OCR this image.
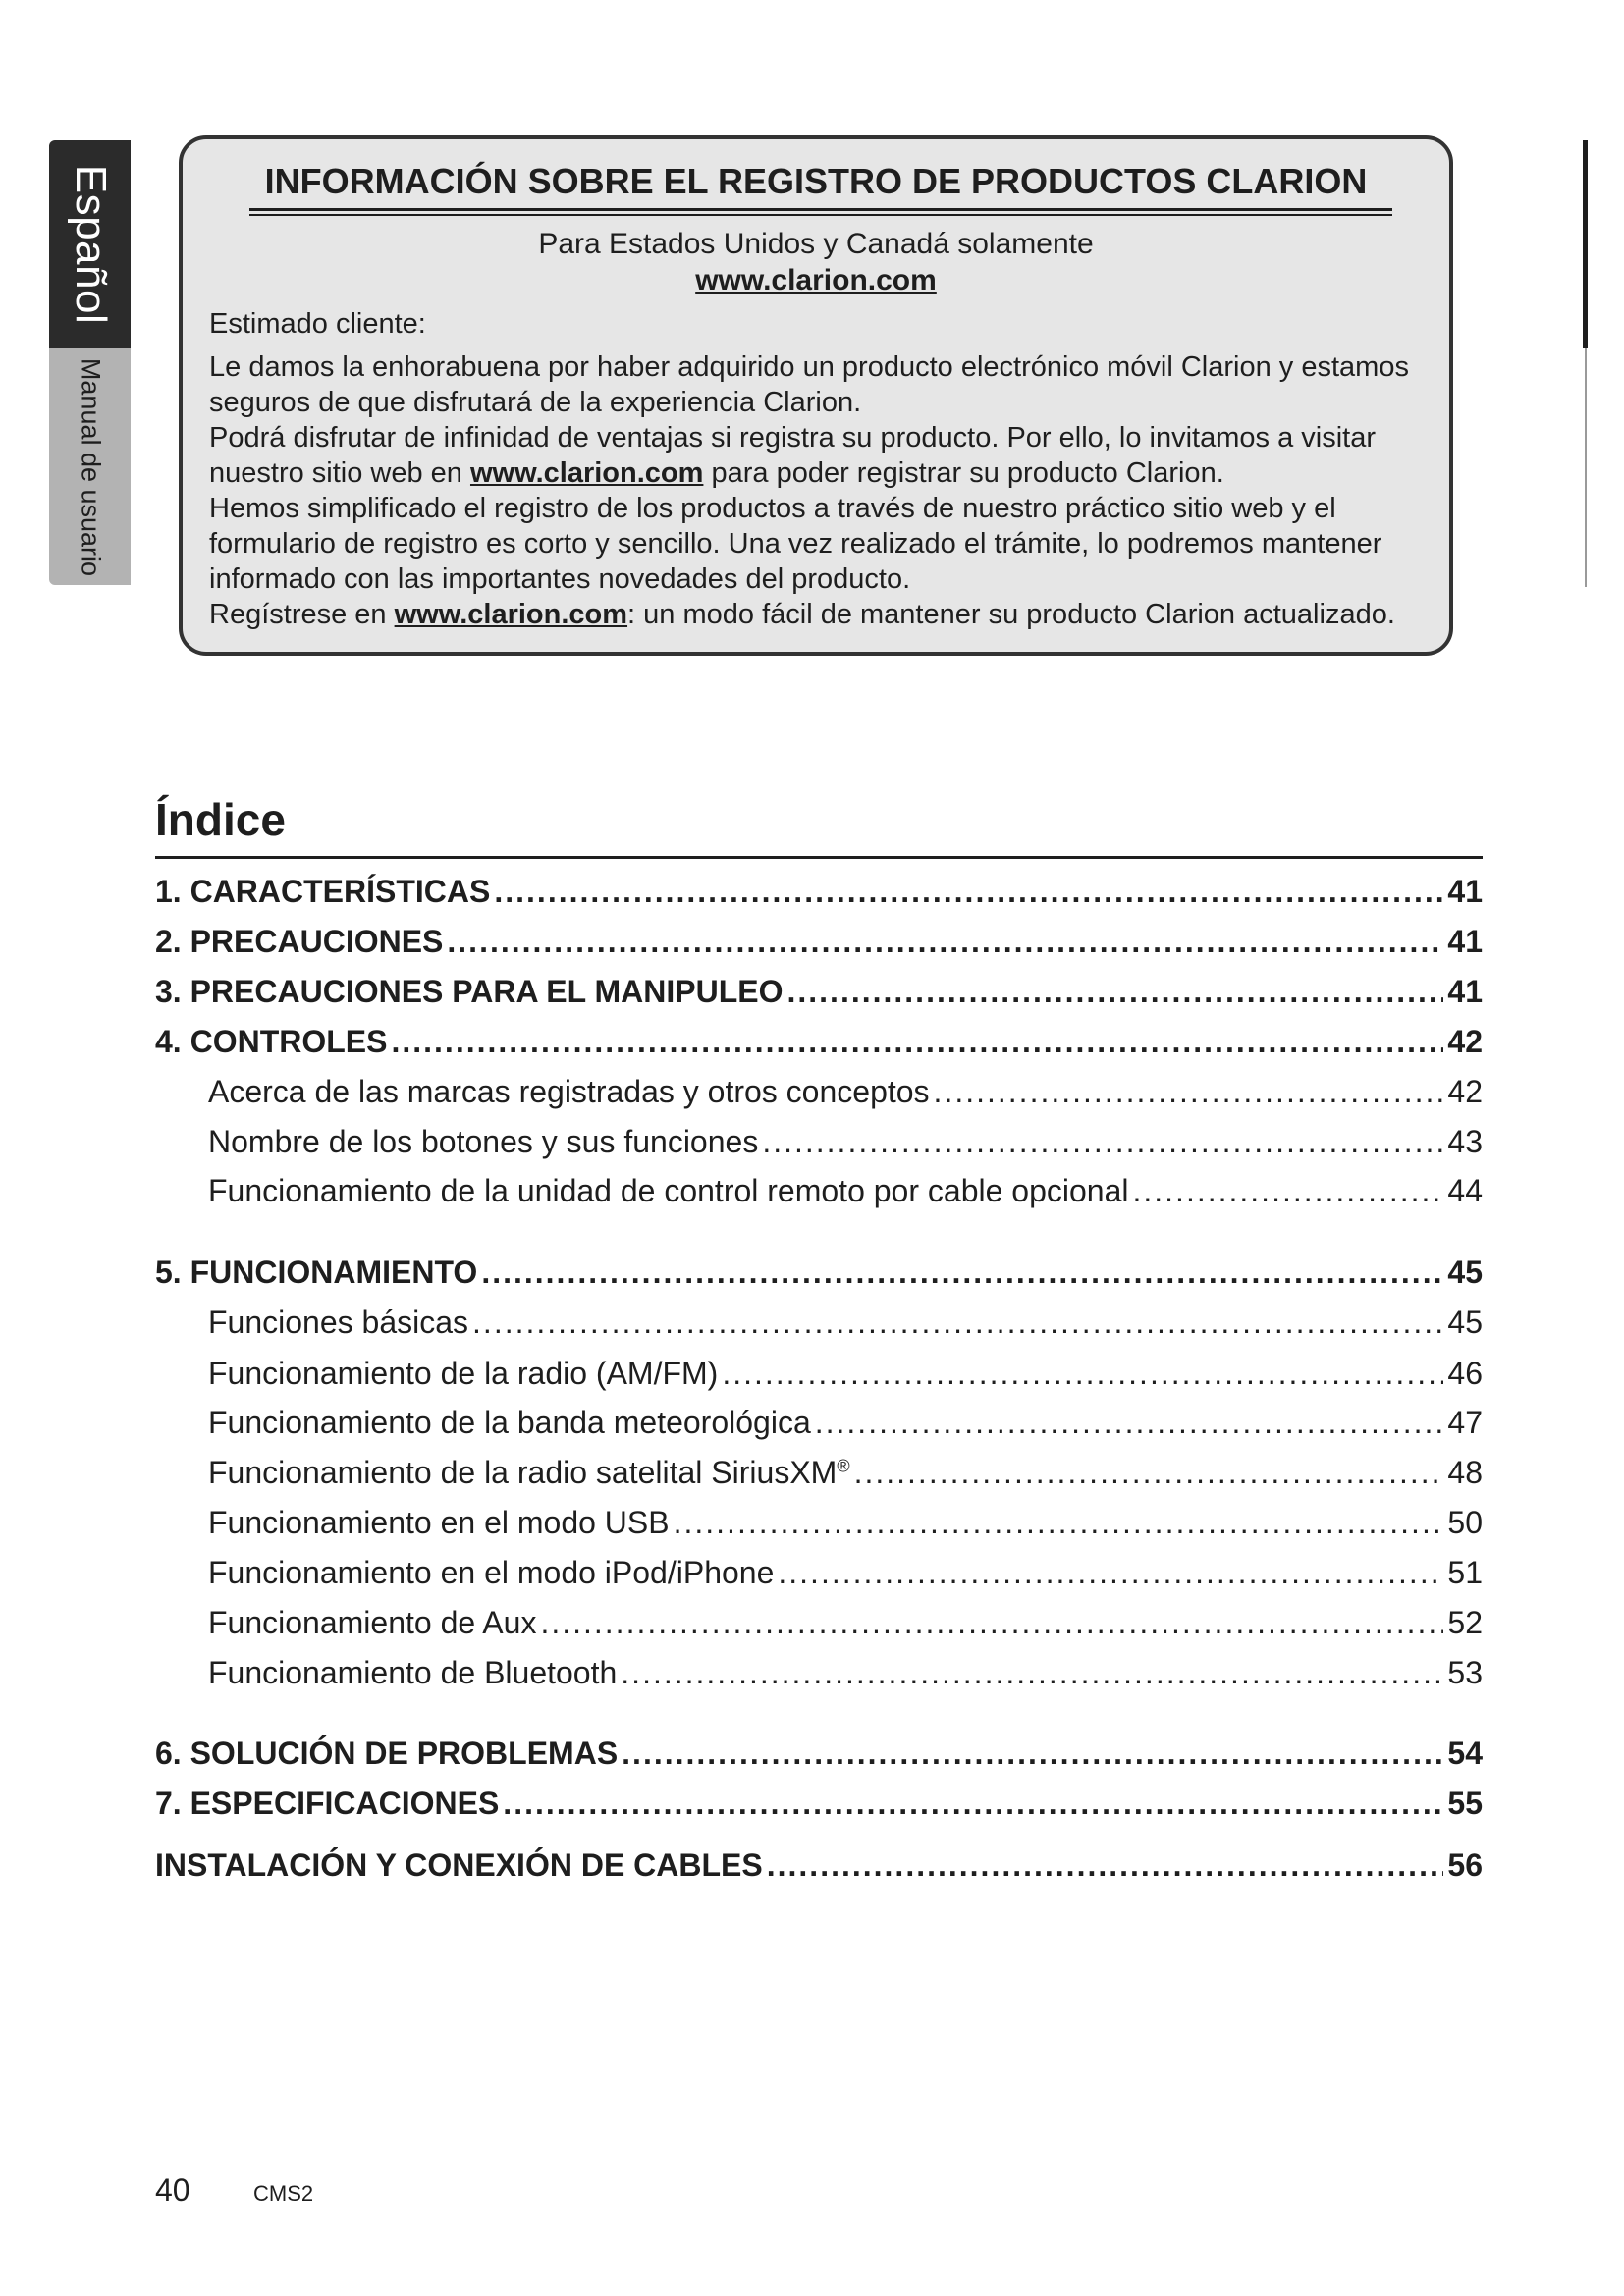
Español
Manual de usuario
INFORMACIÓN SOBRE EL REGISTRO DE PRODUCTOS CLARION
Para Estados Unidos y Canadá solamente
www.clarion.com

Estimado cliente:

Le damos la enhorabuena por haber adquirido un producto electrónico móvil Clarion y estamos seguros de que disfrutará de la experiencia Clarion.

Podrá disfrutar de infinidad de ventajas si registra su producto. Por ello, lo invitamos a visitar nuestro sitio web en www.clarion.com para poder registrar su producto Clarion.

Hemos simplificado el registro de los productos a través de nuestro práctico sitio web y el formulario de registro es corto y sencillo. Una vez realizado el trámite, lo podremos mantener informado con las importantes novedades del producto.

Regístrese en www.clarion.com: un modo fácil de mantener su producto Clarion actualizado.

Índice
1. CARACTERÍSTICAS .....	41
2. PRECAUCIONES .....	41
3. PRECAUCIONES PARA EL MANIPULEO .....	41
4. CONTROLES .....	42
Acerca de las marcas registradas y otros conceptos .....	42
Nombre de los botones y sus funciones .....	43
Funcionamiento de la unidad de control remoto por cable opcional .....	44
5. FUNCIONAMIENTO .....	45
Funciones básicas .....	45
Funcionamiento de la radio (AM/FM) .....	46
Funcionamiento de la banda meteorológica .....	47
Funcionamiento de la radio satelital SiriusXM® .....	48
Funcionamiento en el modo USB .....	50
Funcionamiento en el modo iPod/iPhone .....	51
Funcionamiento de Aux .....	52
Funcionamiento de Bluetooth .....	53
6. SOLUCIÓN DE PROBLEMAS .....	54
7. ESPECIFICACIONES .....	55
INSTALACIÓN Y CONEXIÓN DE CABLES .....	56
40	CMS2
